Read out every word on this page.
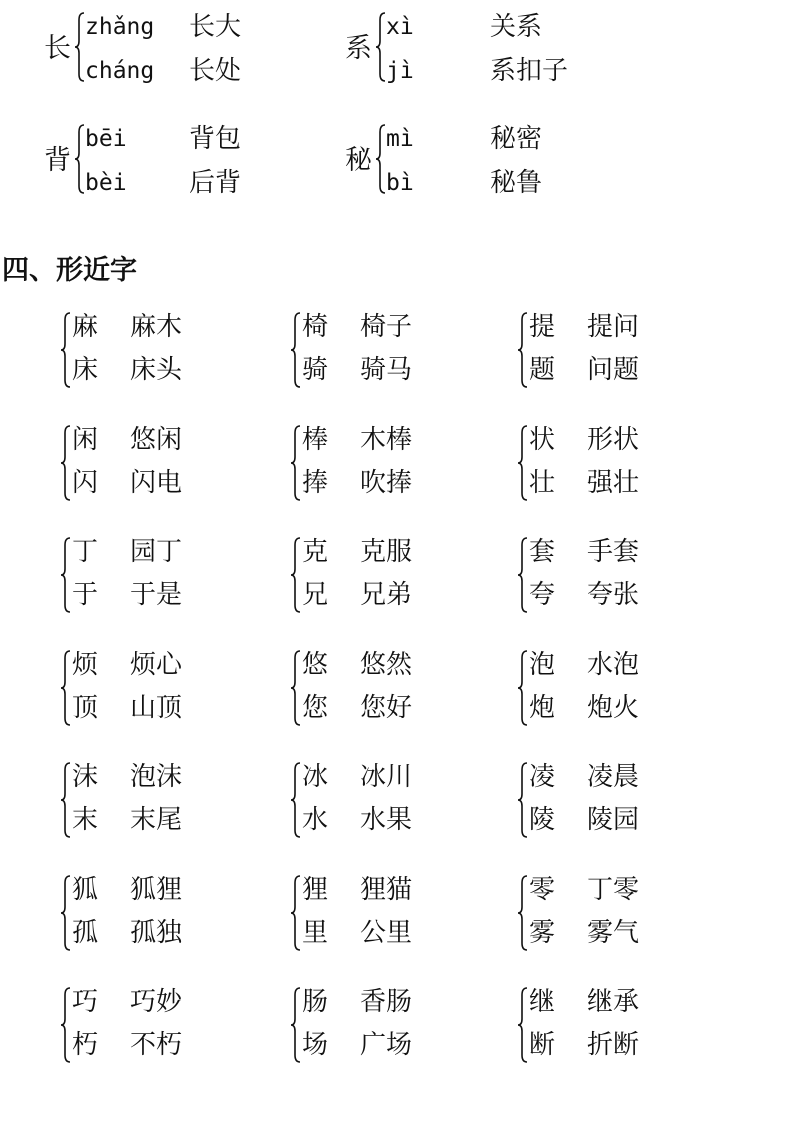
长
zhǎng 长大
cháng 长处
系
xì	关系
jì	系扣子
背
bēi 背包
bèi 后背
秘
mì	秘密
bì	秘鲁
四、形近字
麻 麻木
床 床头
椅 椅子
骑 骑马
提 提问
题 问题
闲 悠闲
闪 闪电
棒 木棒
捧 吹捧
状 形状
壮 强壮
丁 园丁
于 于是
克 克服
兄 兄弟
套 手套
夸 夸张
烦 烦心
顶 山顶
悠 悠然
您 您好
泡 水泡
炮 炮火
沫 泡沫
末 末尾
冰 冰川
水 水果
凌 凌晨
陵 陵园
狐 狐狸
孤 孤独
狸 狸猫
里 公里
零 丁零
雾 雾气
巧 巧妙
朽 不朽
肠 香肠
场 广场
继 继承
断 折断
